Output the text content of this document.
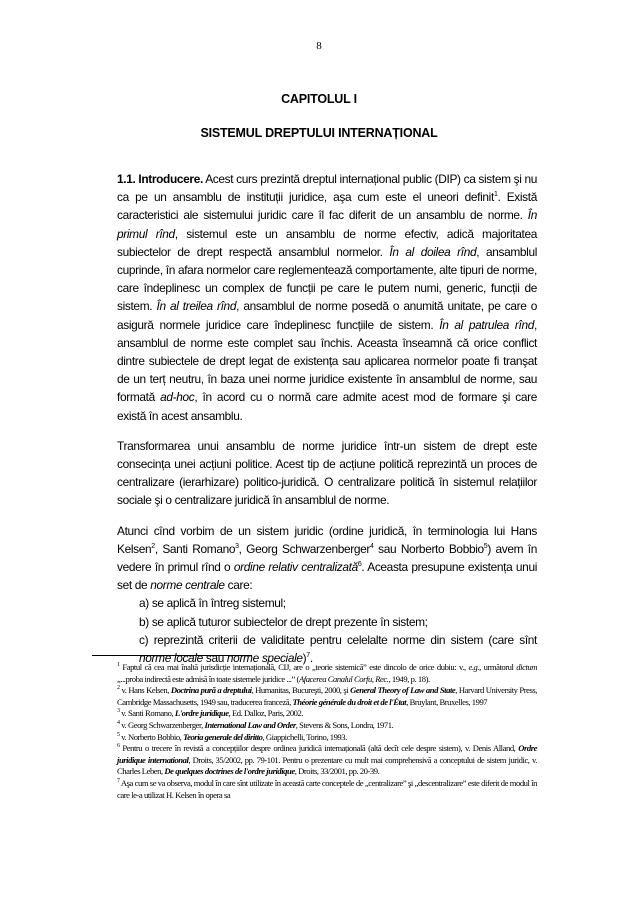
8
CAPITOLUL I
SISTEMUL DREPTULUI INTERNAȚIONAL

1.1. Introducere. Acest curs prezintă dreptul internațional public (DIP) ca sistem şi nu ca pe un ansamblu de instituții juridice, aşa cum este el uneori definit$^1$. Există caracteristici ale sistemului juridic care îl fac diferit de un ansamblu de norme. În primul rînd, sistemul este un ansamblu de norme efectiv, adică majoritatea subiectelor de drept respectă ansamblul normelor. În al doilea rînd, ansamblul cuprinde, în afara normelor care reglementează comportamente, alte tipuri de norme, care îndeplinesc un complex de funcții pe care le putem numi, generic, funcții de sistem. În al treilea rînd, ansamblul de norme posedă o anumită unitate, pe care o asigură normele juridice care îndeplinesc funcțiile de sistem. În al patrulea rînd, ansamblul de norme este complet sau închis. Aceasta înseamnă că orice conflict dintre subiectele de drept legat de existența sau aplicarea normelor poate fi tranşat de un terț neutru, în baza unei norme juridice existente în ansamblul de norme, sau formată ad-hoc, în acord cu o normă care admite acest mod de formare şi care există în acest ansamblu.

Transformarea unui ansamblu de norme juridice într-un sistem de drept este consecința unei acțiuni politice. Acest tip de acțiune politică reprezintă un proces de centralizare (ierarhizare) politico-juridică. O centralizare politică în sistemul relațiilor sociale şi o centralizare juridică în ansamblul de norme.

Atunci cînd vorbim de un sistem juridic (ordine juridică, în terminologia lui Hans Kelsen$^2$, Santi Romano$^3$, Georg Schwarzenberger$^4$ sau Norberto Bobbio$^5$) avem în vedere în primul rînd o ordine relativ centralizată$^6$. Aceasta presupune existența unui set de norme centrale care:

a) se aplică în întreg sistemul;
b) se aplică tuturor subiectelor de drept prezente în sistem;
c) reprezintă criterii de validitate pentru celelalte norme din sistem (care sînt norme locale sau norme speciale)$^7$.
$^1$ Faptul că cea mai înaltă jurisdicție internațională, CIJ, are o „teorie sistemică” este dincolo de orice dubiu: v., e.g., următorul dictum „...proba indirectă este admisă în toate sistemele juridice ...” (Afacerea Canalul Corfu, Rec., 1949, p. 18).
$^2$ v. Hans Kelsen, Doctrina pură a dreptului, Humanitas, Bucureşti, 2000, şi General Theory of Law and State, Harvard University Press, Cambridge Massachusetts, 1949 sau, traducerea franceză, Théorie générale du droit et de l'État, Bruylant, Bruxelles, 1997
$^3$ v. Santi Romano, L'ordre juridique, Ed. Dalloz, Paris, 2002.
$^4$ v. Georg Schwarzenberger, International Law and Order, Stevens & Sons, Londra, 1971.
$^5$ v. Norberto Bobbio, Teoria generale del diritto, Giappichelli, Torino, 1993.
$^6$ Pentru o trecere în revistă a concepțiilor despre ordinea juridică internațională (altă decît cele despre sistem), v. Denis Alland, Ordre juridique international, Droits, 35/2002, pp. 79-101. Pentru o prezentare cu mult mai comprehensivă a conceptului de sistem juridic, v. Charles Leben, De quelques doctrines de l'ordre juridique, Droits, 33/2001, pp. 20-39.
$^7$ Aşa cum se va observa, modul în care sînt utilizate în această carte conceptele de „centralizare” şi „descentralizare” este diferit de modul în care le-a utilizat H. Kelsen în opera sa
